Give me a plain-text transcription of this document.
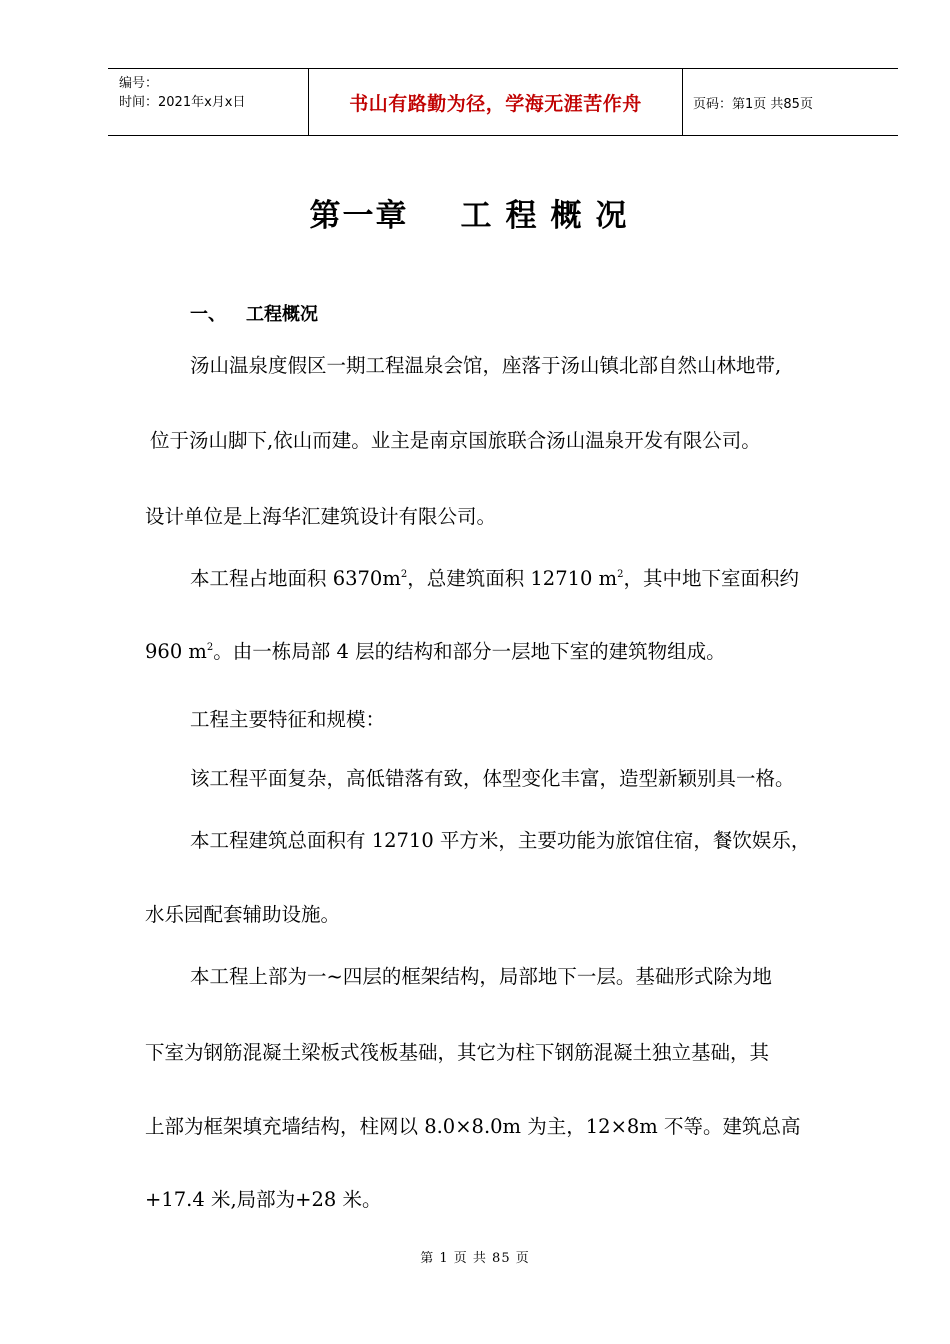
编号：
时间：2021年x月x日	书山有路勤为径，学海无涯苦作舟	页码：第1页 共85页
第一章 工程概况
一、 工程概况
汤山温泉度假区一期工程温泉会馆，座落于汤山镇北部自然山林地带,
位于汤山脚下,依山而建。业主是南京国旅联合汤山温泉开发有限公司。
设计单位是上海华汇建筑设计有限公司。
本工程占地面积 $6370m^2$，总建筑面积 12710 $m^2$，其中地下室面积约
960 $m^2$。由一栋局部 4 层的结构和部分一层地下室的建筑物组成。
工程主要特征和规模：
该工程平面复杂，高低错落有致，体型变化丰富，造型新颖别具一格。
本工程建筑总面积有 12710 平方米，主要功能为旅馆住宿，餐饮娱乐，
水乐园配套辅助设施。
本工程上部为一~四层的框架结构，局部地下一层。基础形式除为地
下室为钢筋混凝土梁板式筏板基础，其它为柱下钢筋混凝土独立基础，其
上部为框架填充墙结构，柱网以 8.0×8.0m 为主，12×8m 不等。建筑总高
+17.4 米,局部为+28 米。
第 1 页 共 85 页
